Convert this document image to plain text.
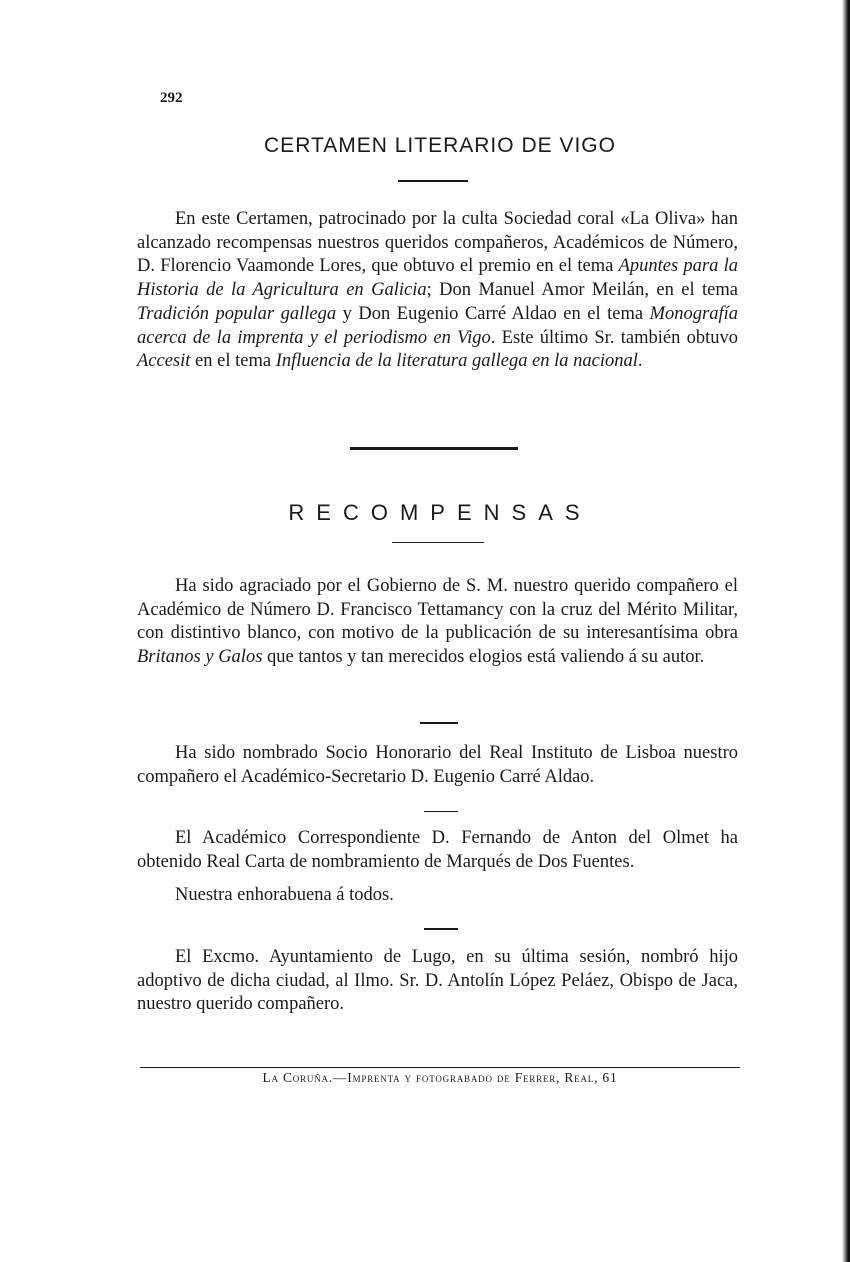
292
CERTAMEN LITERARIO DE VIGO

En este Certamen, patrocinado por la culta Sociedad coral «La Oliva» han alcanzado recompensas nuestros queridos compañeros, Académicos de Número, D. Florencio Vaamonde Lores, que obtuvo el premio en el tema Apuntes para la Historia de la Agricultura en Galicia; Don Manuel Amor Meilán, en el tema Tradición popular gallega y Don Eugenio Carré Aldao en el tema Monografía acerca de la imprenta y el periodismo en Vigo. Este último Sr. también obtuvo Accesit en el tema Influencia de la literatura gallega en la nacional.

RECOMPENSAS

Ha sido agraciado por el Gobierno de S. M. nuestro querido compañero el Académico de Número D. Francisco Tettamancy con la cruz del Mérito Militar, con distintivo blanco, con motivo de la publicación de su interesantísima obra Britanos y Galos que tantos y tan merecidos elogios está valiendo á su autor.

Ha sido nombrado Socio Honorario del Real Instituto de Lisboa nuestro compañero el Académico-Secretario D. Eugenio Carré Aldao.

El Académico Correspondiente D. Fernando de Anton del Olmet ha obtenido Real Carta de nombramiento de Marqués de Dos Fuentes.

Nuestra enhorabuena á todos.

El Excmo. Ayuntamiento de Lugo, en su última sesión, nombró hijo adoptivo de dicha ciudad, al Ilmo. Sr. D. Antolín López Peláez, Obispo de Jaca, nuestro querido compañero.

La Coruña.—Imprenta y fotograbado de Ferrer, Real, 61
